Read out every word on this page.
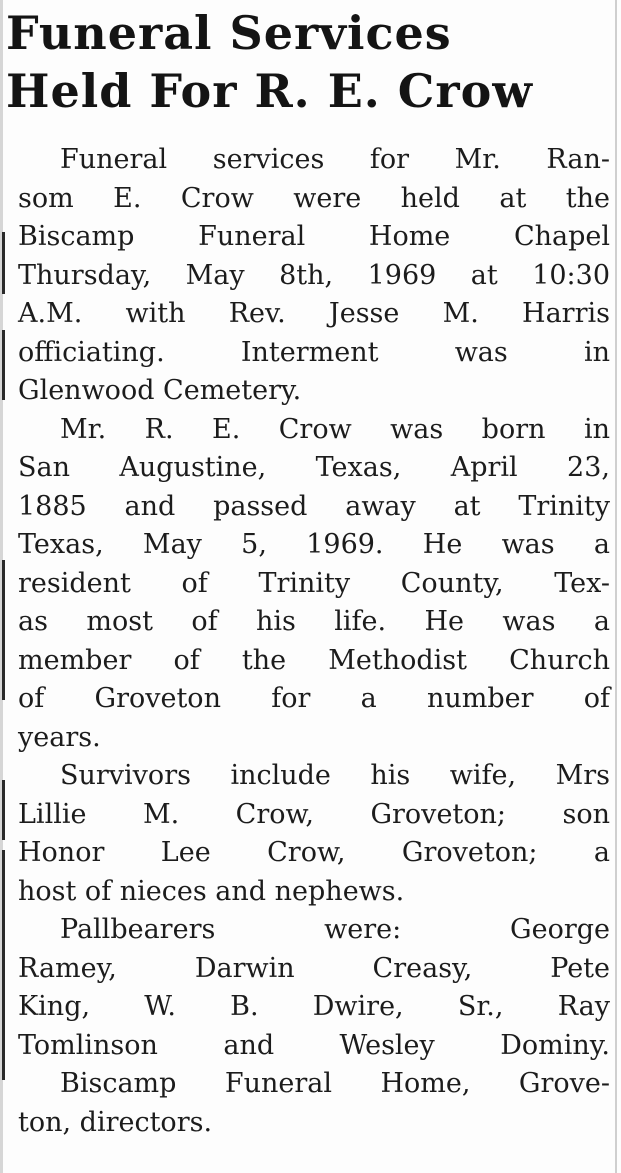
Funeral Services
Held For R. E. Crow
Funeral services for Mr. Ran-
som E. Crow were held at the
Biscamp Funeral Home Chapel
Thursday, May 8th, 1969 at 10:30
A.M. with Rev. Jesse M. Harris
officiating. Interment was in
Glenwood Cemetery.
Mr. R. E. Crow was born in
San Augustine, Texas, April 23,
1885 and passed away at Trinity
Texas, May 5, 1969. He was a
resident of Trinity County, Tex-
as most of his life. He was a
member of the Methodist Church
of Groveton for a number of
years.
Survivors include his wife, Mrs
Lillie M. Crow, Groveton; son
Honor Lee Crow, Groveton; a
host of nieces and nephews.
Pallbearers were: George
Ramey, Darwin Creasy, Pete
King, W. B. Dwire, Sr., Ray
Tomlinson and Wesley Dominy.
Biscamp Funeral Home, Grove-
ton, directors.
